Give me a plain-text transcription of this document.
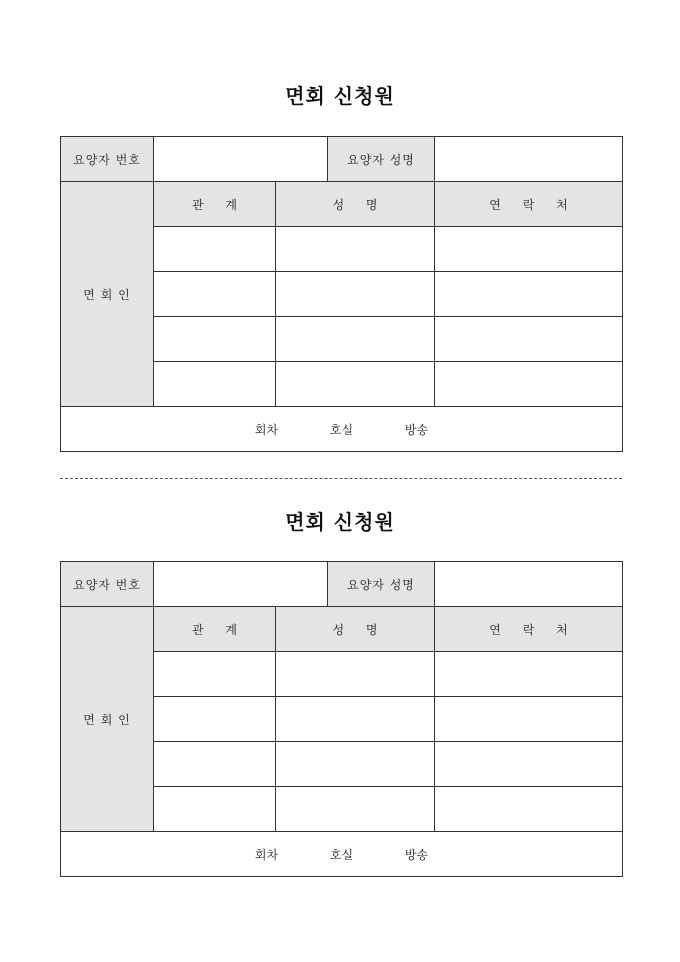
면회 신청원
요양자 번호			요양자 성명	
면 회 인	관 계	성 명		연 락 처

회차 호실 방송				
면회 신청원
요양자 번호			요양자 성명	
면 회 인	관 계	성 명		연 락 처

회차 호실 방송				
